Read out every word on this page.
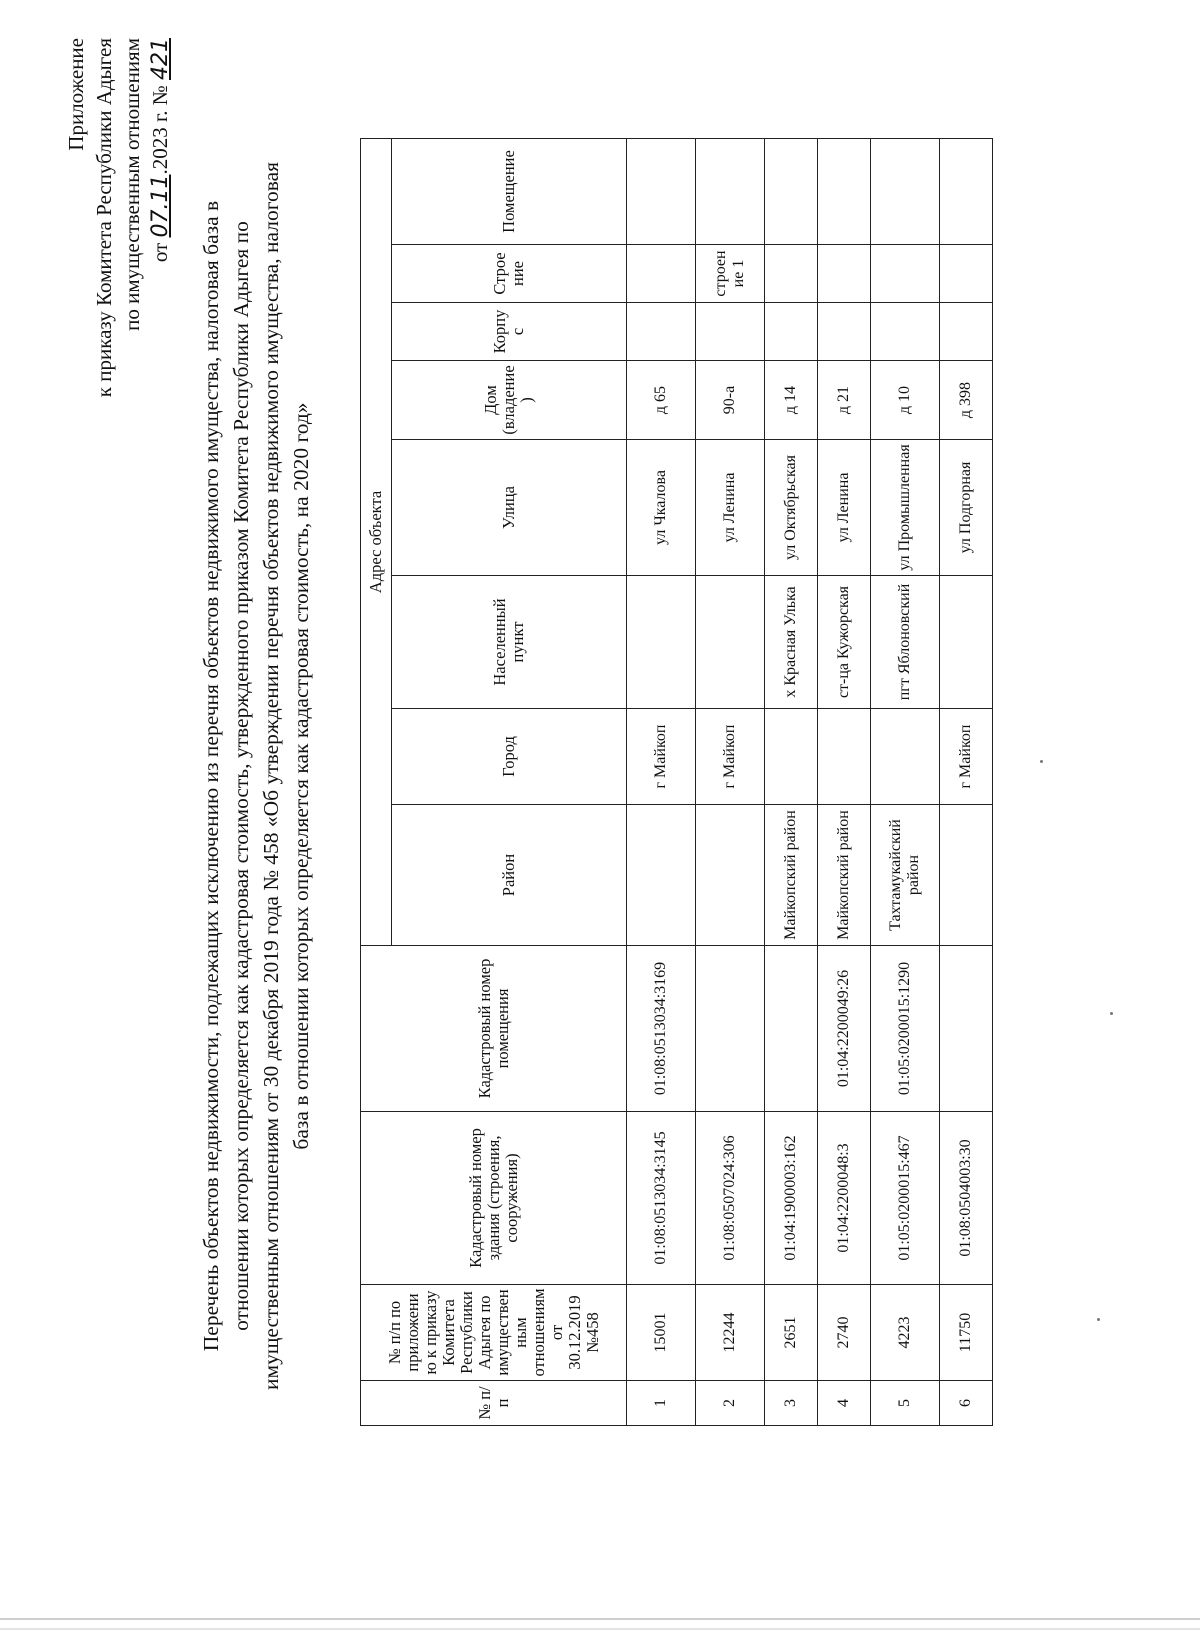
Приложение к приказу Комитета Республики Адыгея по имущественным отношениям от 07.11.2023 г. № 421
Перечень объектов недвижимости, подлежащих исключению из перечня объектов недвижимого имущества, налоговая база в отношении которых определяется как кадастровая стоимость, утвержденного приказом Комитета Республики Адыгея по имущественным отношениям от 30 декабря 2019 года № 458 «Об утверждении перечня объектов недвижимого имущества, налоговая база в отношении которых определяется как кадастровая стоимость, на 2020 год»
№ п/ п	№ п/п по приложению к приказу Комитета Республики Адыгея по имущественным отношениям от 30.12.2019 №458	Кадастровый номер здания (строения, сооружения)	Кадастровый номер помещения	Адрес объекта							
				Район	Город	Населенный пункт	Улица	Дом (владение)	Корпус	Строение	Помещение
1	15001	01:08:0513034:3145	01:08:0513034:3169		г Майкоп		ул Чкалова	д 65			
2	12244	01:08:0507024:306			г Майкоп		ул Ленина	90-а		строение 1	
3	2651	01:04:1900003:162		Майкопский район		х Красная Улька	ул Октябрьская	д 14			
4	2740	01:04:2200048:3	01:04:2200049:26	Майкопский район		ст-ца Кужорская	ул Ленина	д 21			
5	4223	01:05:0200015:467	01:05:0200015:1290	Тахтамукайский район		пгт Яблоновский	ул Промышленная	д 10			
6	11750	01:08:0504003:30			г Майкоп		ул Подгорная	д 398			
